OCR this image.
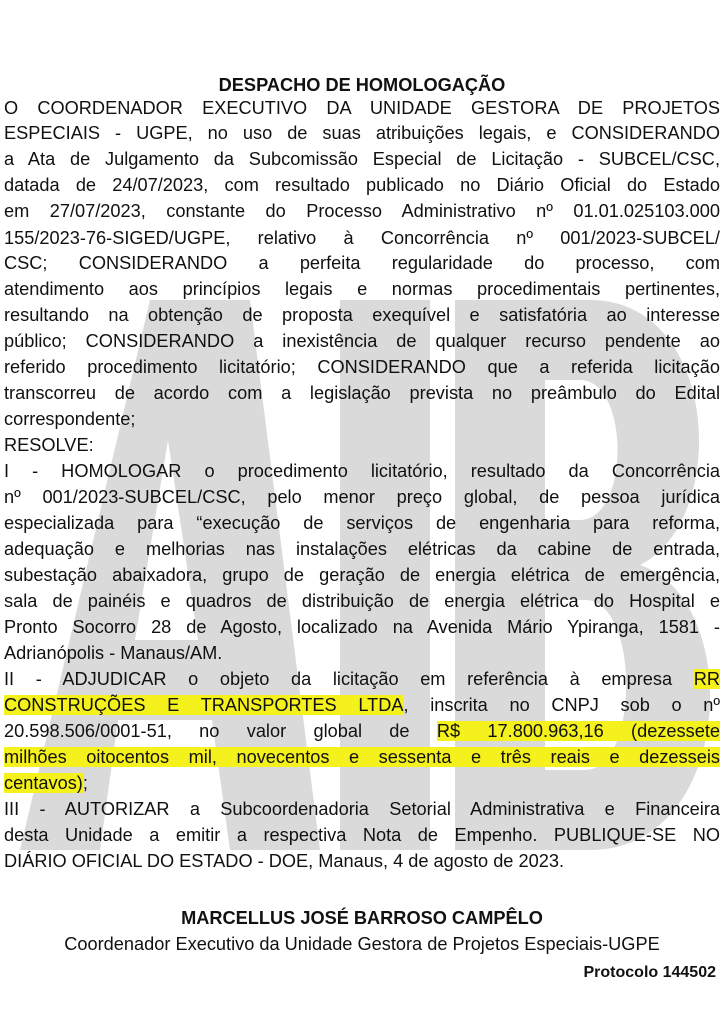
DESPACHO DE HOMOLOGAÇÃO
O COORDENADOR EXECUTIVO DA UNIDADE GESTORA DE PROJETOS
ESPECIAIS - UGPE, no uso de suas atribuições legais, e CONSIDERANDO
a Ata de Julgamento da Subcomissão Especial de Licitação - SUBCEL/CSC,
datada de 24/07/2023, com resultado publicado no Diário Oficial do Estado
em 27/07/2023, constante do Processo Administrativo nº 01.01.025103.000
155/2023-76-SIGED/UGPE, relativo à Concorrência nº 001/2023-SUBCEL/
CSC; CONSIDERANDO a perfeita regularidade do processo, com
atendimento aos princípios legais e normas procedimentais pertinentes,
resultando na obtenção de proposta exequível e satisfatória ao interesse
público; CONSIDERANDO a inexistência de qualquer recurso pendente ao
referido procedimento licitatório; CONSIDERANDO que a referida licitação
transcorreu de acordo com a legislação prevista no preâmbulo do Edital
correspondente;
RESOLVE:
I - HOMOLOGAR o procedimento licitatório, resultado da Concorrência
nº 001/2023-SUBCEL/CSC, pelo menor preço global, de pessoa jurídica
especializada para “execução de serviços de engenharia para reforma,
adequação e melhorias nas instalações elétricas da cabine de entrada,
subestação abaixadora, grupo de geração de energia elétrica de emergência,
sala de painéis e quadros de distribuição de energia elétrica do Hospital e
Pronto Socorro 28 de Agosto, localizado na Avenida Mário Ypiranga, 1581 -
Adrianópolis - Manaus/AM.
II - ADJUDICAR o objeto da licitação em referência à empresa RR
CONSTRUÇÕES E TRANSPORTES LTDA, inscrita no CNPJ sob o nº
20.598.506/0001-51, no valor global de R$ 17.800.963,16 (dezessete
milhões oitocentos mil, novecentos e sessenta e três reais e dezesseis
centavos);
III - AUTORIZAR a Subcoordenadoria Setorial Administrativa e Financeira
desta Unidade a emitir a respectiva Nota de Empenho. PUBLIQUE-SE NO
DIÁRIO OFICIAL DO ESTADO - DOE, Manaus, 4 de agosto de 2023.
MARCELLUS JOSÉ BARROSO CAMPÊLO
Coordenador Executivo da Unidade Gestora de Projetos Especiais-UGPE
Protocolo 144502
